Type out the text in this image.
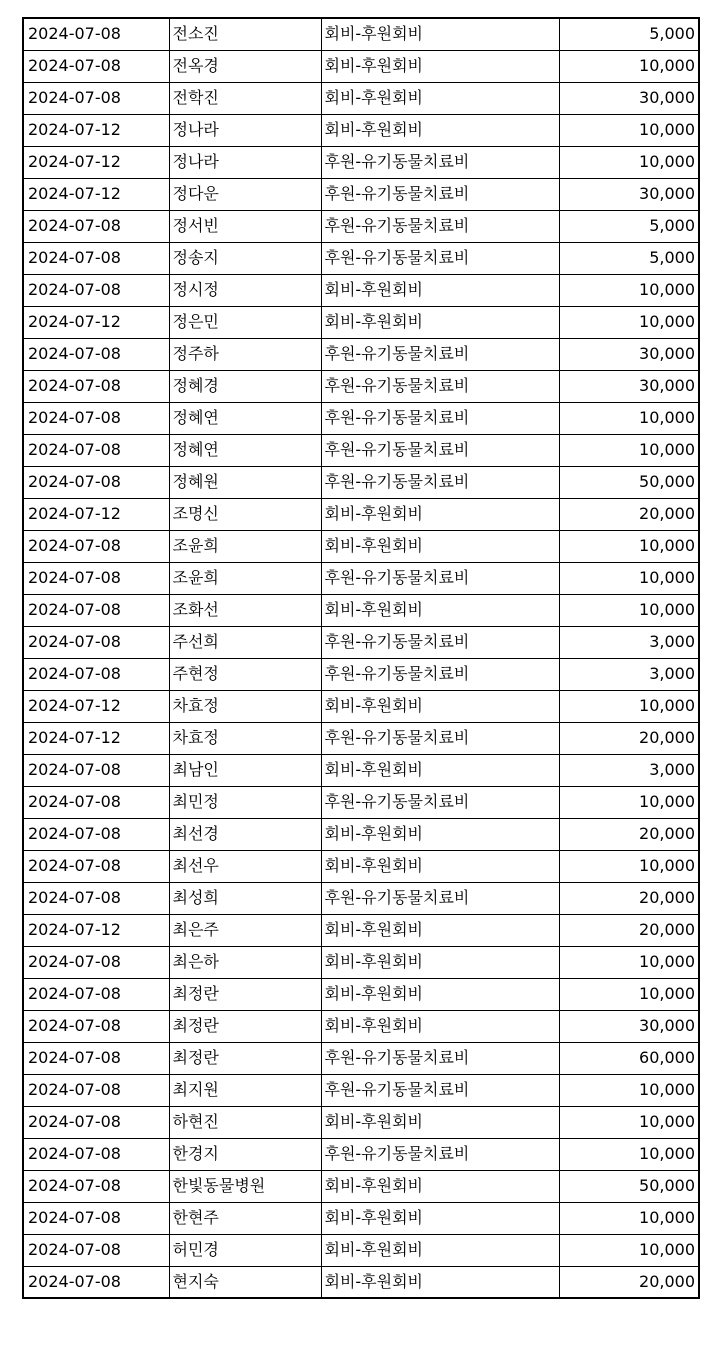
2024-07-08	전소진	회비-후원회비	5,000
2024-07-08	전옥경	회비-후원회비	10,000
2024-07-08	전학진	회비-후원회비	30,000
2024-07-12	정나라	회비-후원회비	10,000
2024-07-12	정나라	후원-유기동물치료비	10,000
2024-07-12	정다운	후원-유기동물치료비	30,000
2024-07-08	정서빈	후원-유기동물치료비	5,000
2024-07-08	정송지	후원-유기동물치료비	5,000
2024-07-08	정시정	회비-후원회비	10,000
2024-07-12	정은민	회비-후원회비	10,000
2024-07-08	정주하	후원-유기동물치료비	30,000
2024-07-08	정혜경	후원-유기동물치료비	30,000
2024-07-08	정혜연	후원-유기동물치료비	10,000
2024-07-08	정혜연	후원-유기동물치료비	10,000
2024-07-08	정혜원	후원-유기동물치료비	50,000
2024-07-12	조명신	회비-후원회비	20,000
2024-07-08	조윤희	회비-후원회비	10,000
2024-07-08	조윤희	후원-유기동물치료비	10,000
2024-07-08	조화선	회비-후원회비	10,000
2024-07-08	주선희	후원-유기동물치료비	3,000
2024-07-08	주현정	후원-유기동물치료비	3,000
2024-07-12	차효정	회비-후원회비	10,000
2024-07-12	차효정	후원-유기동물치료비	20,000
2024-07-08	최남인	회비-후원회비	3,000
2024-07-08	최민정	후원-유기동물치료비	10,000
2024-07-08	최선경	회비-후원회비	20,000
2024-07-08	최선우	회비-후원회비	10,000
2024-07-08	최성희	후원-유기동물치료비	20,000
2024-07-12	최은주	회비-후원회비	20,000
2024-07-08	최은하	회비-후원회비	10,000
2024-07-08	최정란	회비-후원회비	10,000
2024-07-08	최정란	회비-후원회비	30,000
2024-07-08	최정란	후원-유기동물치료비	60,000
2024-07-08	최지원	후원-유기동물치료비	10,000
2024-07-08	하현진	회비-후원회비	10,000
2024-07-08	한경지	후원-유기동물치료비	10,000
2024-07-08	한빛동물병원	회비-후원회비	50,000
2024-07-08	한현주	회비-후원회비	10,000
2024-07-08	허민경	회비-후원회비	10,000
2024-07-08	현지숙	회비-후원회비	20,000
